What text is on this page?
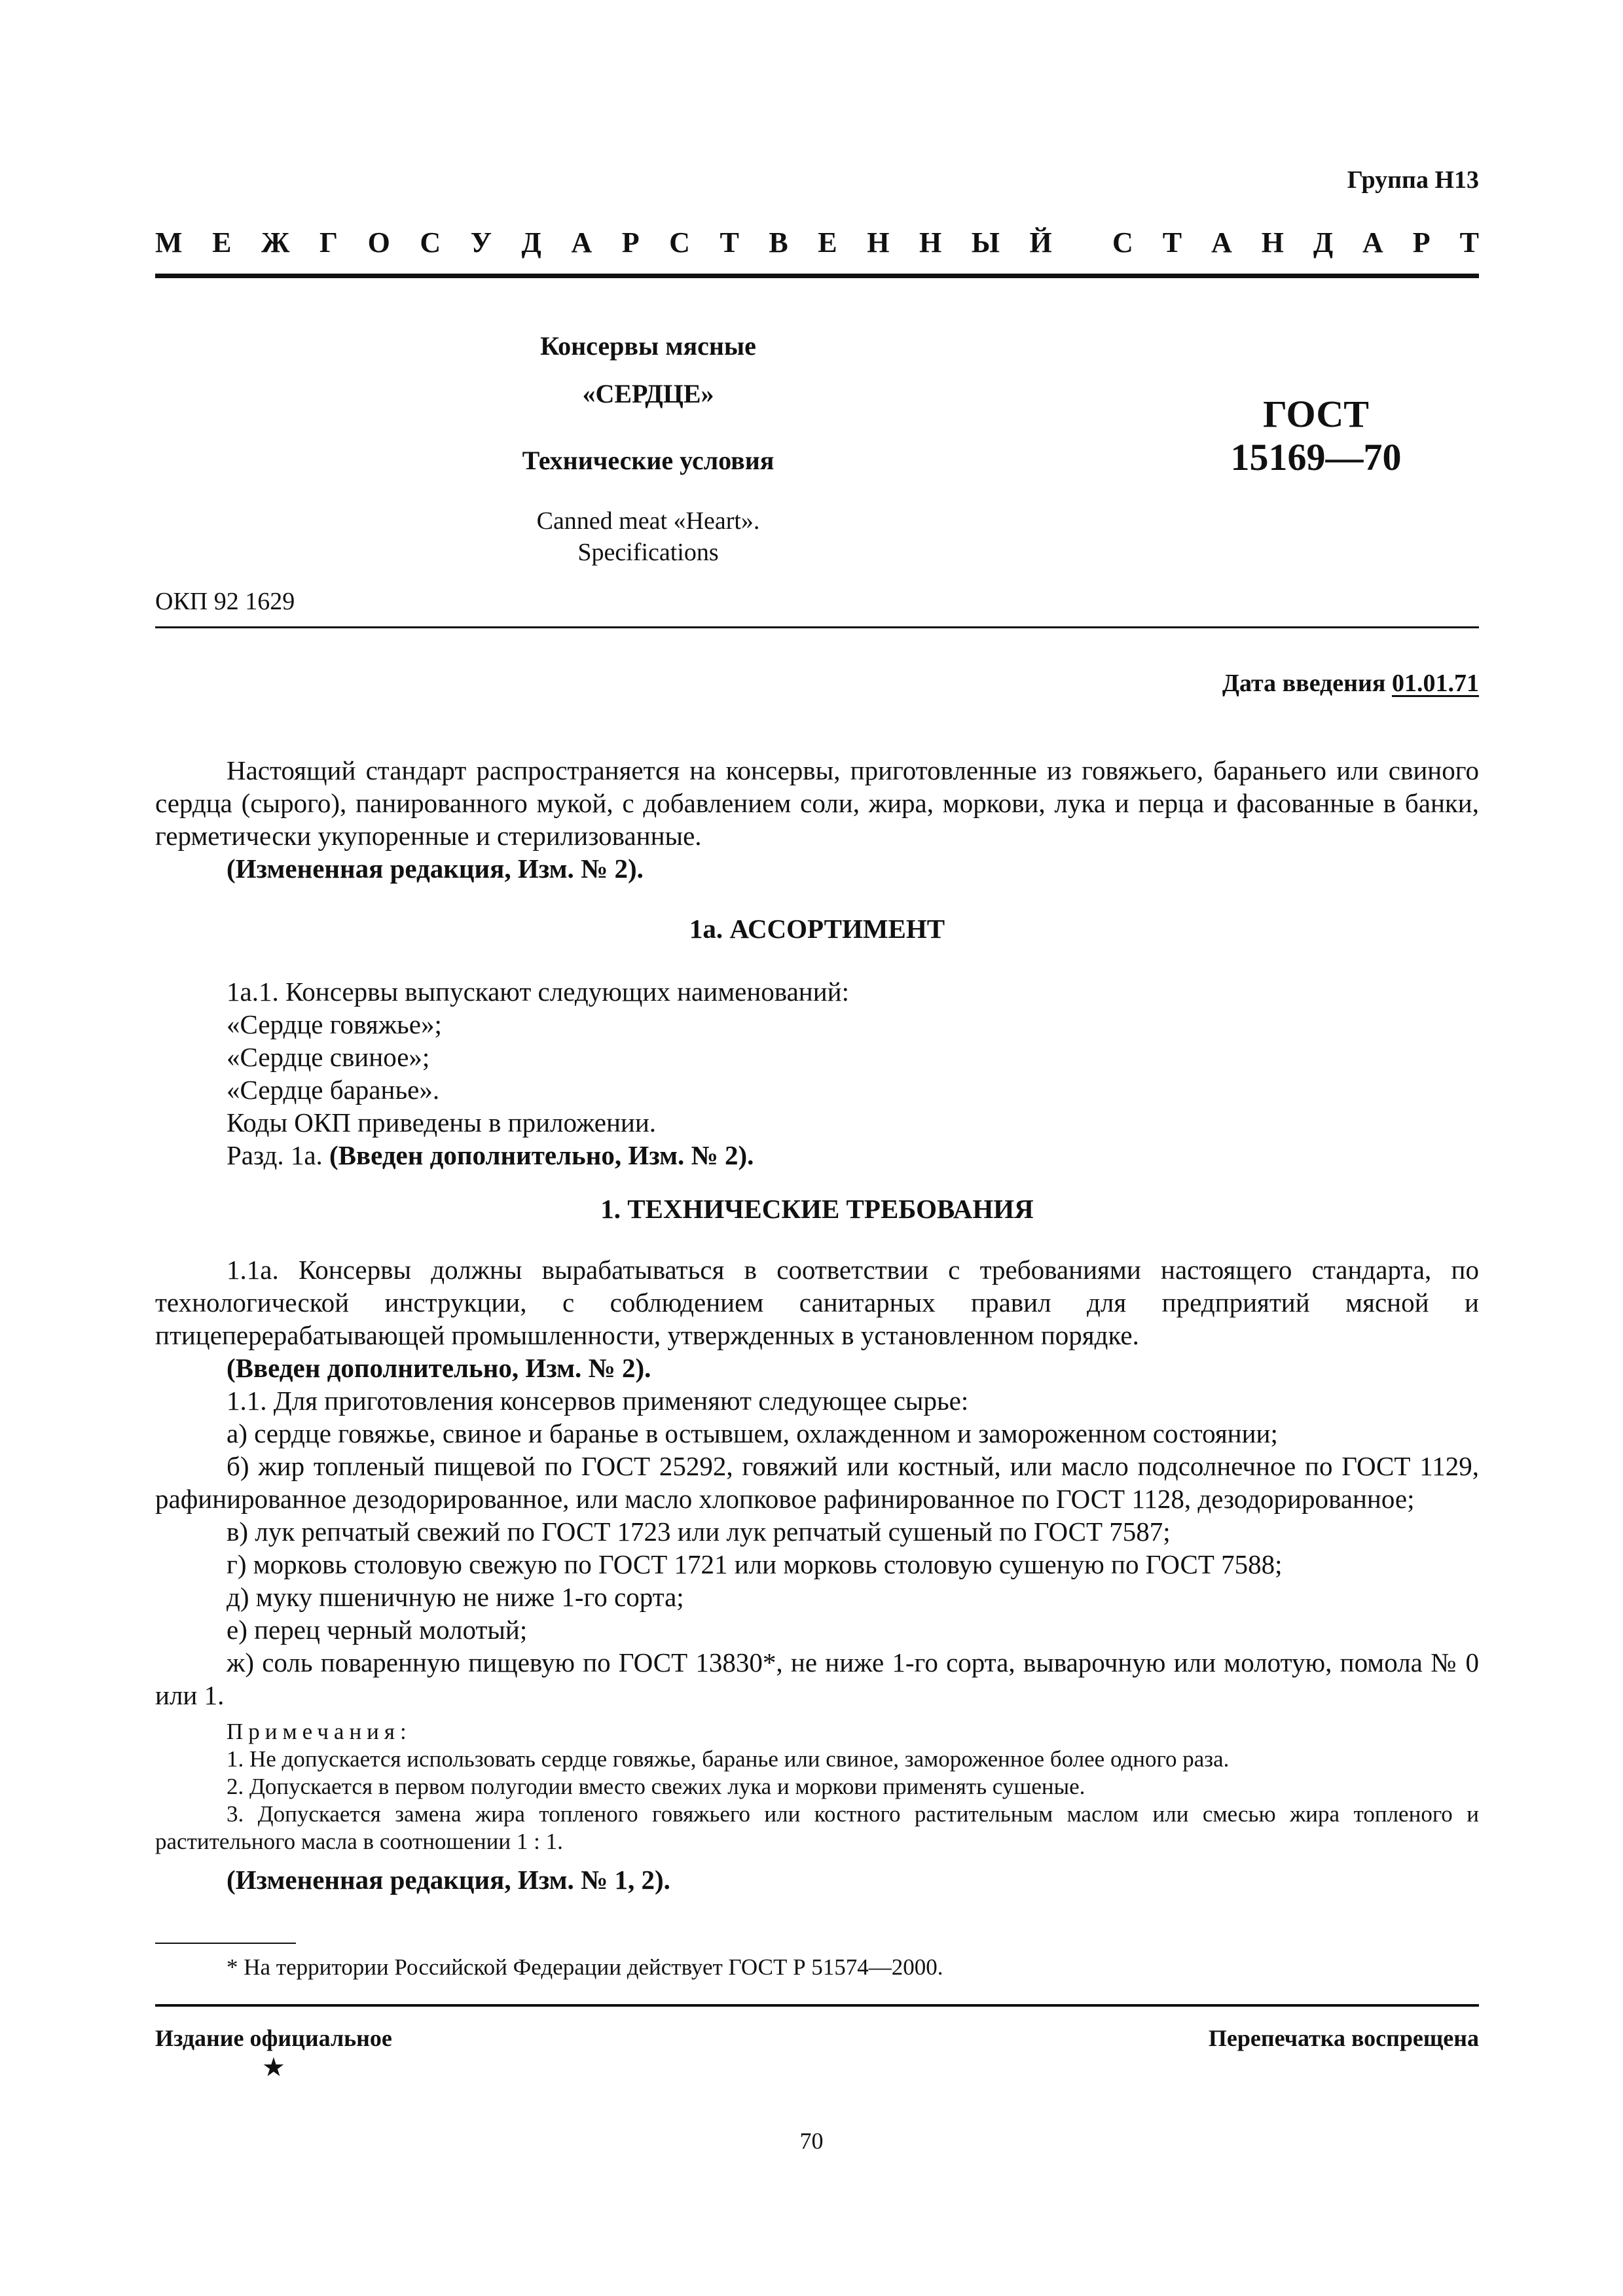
Группа Н13
М Е Ж Г О С У Д А Р С Т В Е Н Н Ы Й С Т А Н Д А Р Т
Консервы мясные
«СЕРДЦЕ»
Технические условия
Canned meat «Heart».
Specifications
ГОСТ
15169—70
ОКП 92 1629
Дата введения 01.01.71

Настоящий стандарт распространяется на консервы, приготовленные из говяжьего, бараньего или свиного сердца (сырого), панированного мукой, с добавлением соли, жира, моркови, лука и перца и фасованные в банки, герметически укупоренные и стерилизованные.

(Измененная редакция, Изм. № 2).

1а. АССОРТИМЕНТ

1а.1. Консервы выпускают следующих наименований:

«Сердце говяжье»;

«Сердце свиное»;

«Сердце баранье».

Коды ОКП приведены в приложении.

Разд. 1а. (Введен дополнительно, Изм. № 2).

1. ТЕХНИЧЕСКИЕ ТРЕБОВАНИЯ

1.1а. Консервы должны вырабатываться в соответствии с требованиями настоящего стандарта, по технологической инструкции, с соблюдением санитарных правил для предприятий мясной и птицеперерабатывающей промышленности, утвержденных в установленном порядке.

(Введен дополнительно, Изм. № 2).

1.1. Для приготовления консервов применяют следующее сырье:

а) сердце говяжье, свиное и баранье в остывшем, охлажденном и замороженном состоянии;

б) жир топленый пищевой по ГОСТ 25292, говяжий или костный, или масло подсолнечное по ГОСТ 1129, рафинированное дезодорированное, или масло хлопковое рафинированное по ГОСТ 1128, дезодорированное;

в) лук репчатый свежий по ГОСТ 1723 или лук репчатый сушеный по ГОСТ 7587;

г) морковь столовую свежую по ГОСТ 1721 или морковь столовую сушеную по ГОСТ 7588;

д) муку пшеничную не ниже 1-го сорта;

е) перец черный молотый;

ж) соль поваренную пищевую по ГОСТ 13830*, не ниже 1-го сорта, выварочную или молотую, помола № 0 или 1.

Примечания:

1. Не допускается использовать сердце говяжье, баранье или свиное, замороженное более одного раза.

2. Допускается в первом полугодии вместо свежих лука и моркови применять сушеные.

3. Допускается замена жира топленого говяжьего или костного растительным маслом или смесью жира топленого и растительного масла в соотношении 1 : 1.

(Измененная редакция, Изм. № 1, 2).

* На территории Российской Федерации действует ГОСТ Р 51574—2000.

Издание официальное	Перепечатка воспрещена
★
70
